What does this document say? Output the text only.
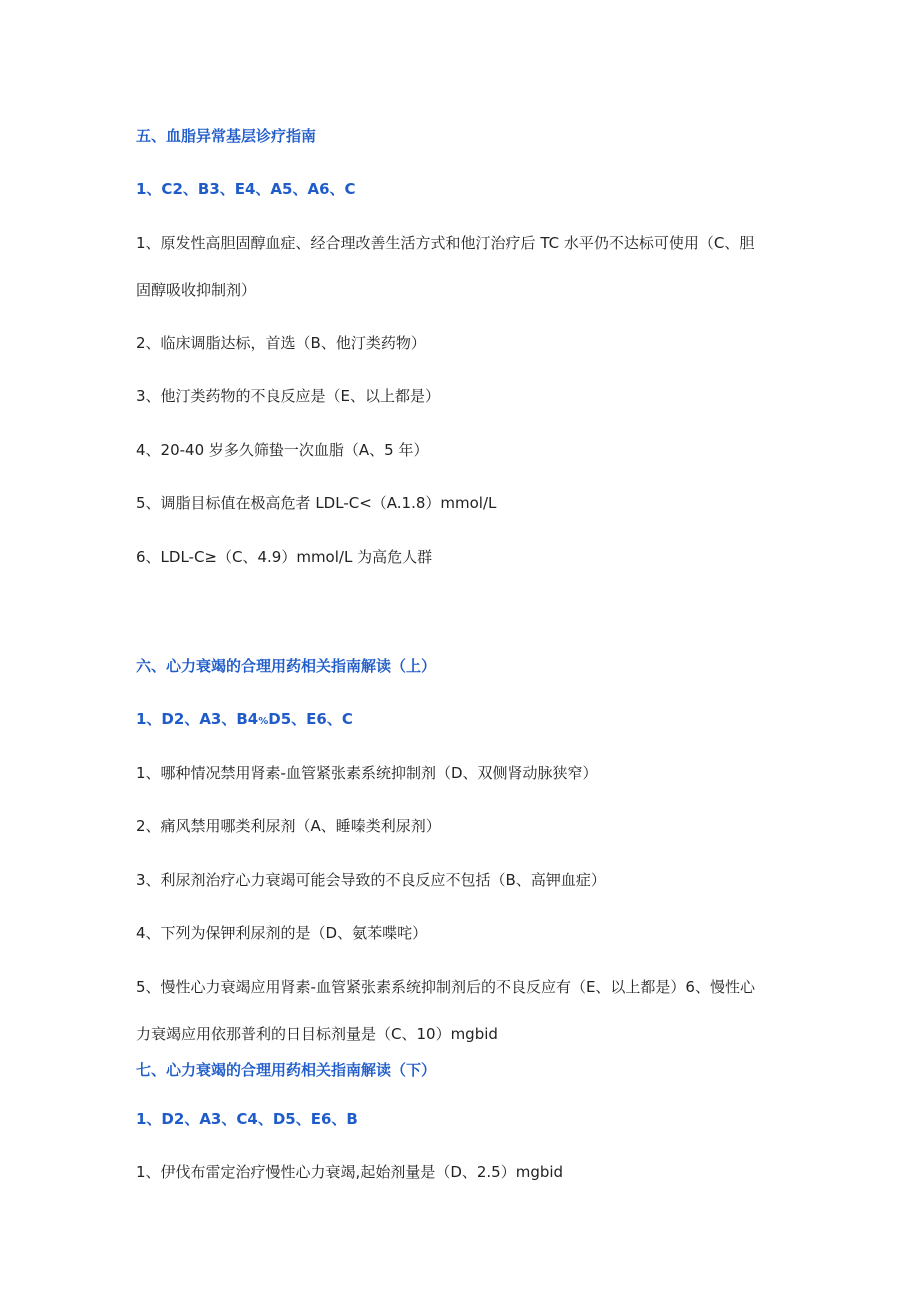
五、血脂异常基层诊疗指南
1、C2、B3、E4、A5、A6、C
1、原发性高胆固醇血症、经合理改善生活方式和他汀治疗后 TC 水平仍不达标可使用（C、胆
固醇吸收抑制剂）
2、临床调脂达标，首选（B、他汀类药物）
3、他汀类药物的不良反应是（E、以上都是）
4、20-40 岁多久筛蛰一次血脂（A、5 年）
5、调脂目标值在极高危者 LDL-C<（A.1.8）mmol/L
6、LDL-C≥（C、4.9）mmol/L 为高危人群
六、心力衰竭的合理用药相关指南解读（上）
1、D2、A3、B4%D5、E6、C
1、哪种情况禁用肾素-血管紧张素系统抑制剂（D、双侧肾动脉狭窄）
2、痛风禁用哪类利尿剂（A、睡嗪类利尿剂）
3、利尿剂治疗心力衰竭可能会导致的不良反应不包括（B、高钾血症）
4、下列为保钾利尿剂的是（D、氨苯喋咤）
5、慢性心力衰竭应用肾素-血管紧张素系统抑制剂后的不良反应有（E、以上都是）6、慢性心
力衰竭应用依那普利的日目标剂量是（C、10）mgbid
七、心力衰竭的合理用药相关指南解读（下）
1、D2、A3、C4、D5、E6、B
1、伊伐布雷定治疗慢性心力衰竭,起始剂量是（D、2.5）mgbid
